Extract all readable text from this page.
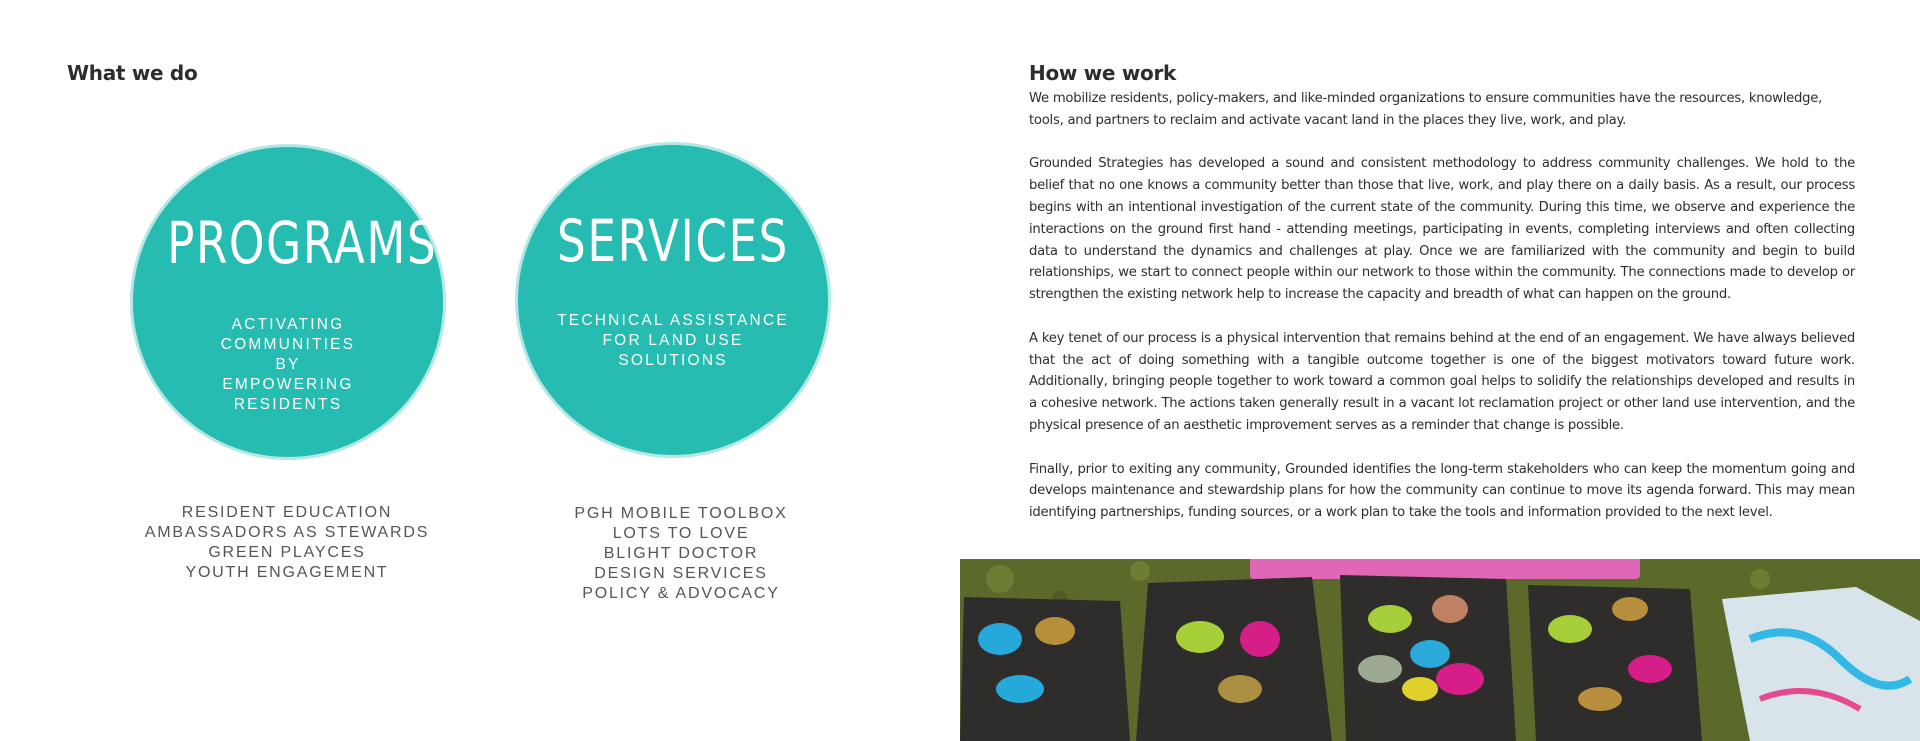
What we do
PROGRAMS
ACTIVATING
COMMUNITIES
BY
EMPOWERING
RESIDENTS
SERVICES
TECHNICAL ASSISTANCE
FOR LAND USE
SOLUTIONS
RESIDENT EDUCATION
AMBASSADORS AS STEWARDS
GREEN PLAYCES
YOUTH ENGAGEMENT
PGH MOBILE TOOLBOX
LOTS TO LOVE
BLIGHT DOCTOR
DESIGN SERVICES
POLICY & ADVOCACY
How we work

We mobilize residents, policy-makers, and like-minded organizations to ensure communities have the resources, knowledge, tools, and partners to reclaim and activate vacant land in the places they live, work, and play.

Grounded Strategies has developed a sound and consistent methodology to address community challenges. We hold to the belief that no one knows a community better than those that live, work, and play there on a daily basis. As a result, our process begins with an intentional investigation of the current state of the community. During this time, we observe and experience the interactions on the ground first hand - attending meetings, participating in events, completing interviews and often collecting data to understand the dynamics and challenges at play. Once we are familiarized with the community and begin to build relationships, we start to connect people within our network to those within the community. The connections made to develop or strengthen the existing network help to increase the capacity and breadth of what can happen on the ground.

A key tenet of our process is a physical intervention that remains behind at the end of an engagement. We have always believed that the act of doing something with a tangible outcome together is one of the biggest motivators toward future work. Additionally, bringing people together to work toward a common goal helps to solidify the relationships developed and results in a cohesive network. The actions taken generally result in a vacant lot reclamation project or other land use intervention, and the physical presence of an aesthetic improvement serves as a reminder that change is possible.

Finally, prior to exiting any community, Grounded identifies the long-term stakeholders who can keep the momentum going and develops maintenance and stewardship plans for how the community can continue to move its agenda forward. This may mean identifying partnerships, funding sources, or a work plan to take the tools and information provided to the next level.
